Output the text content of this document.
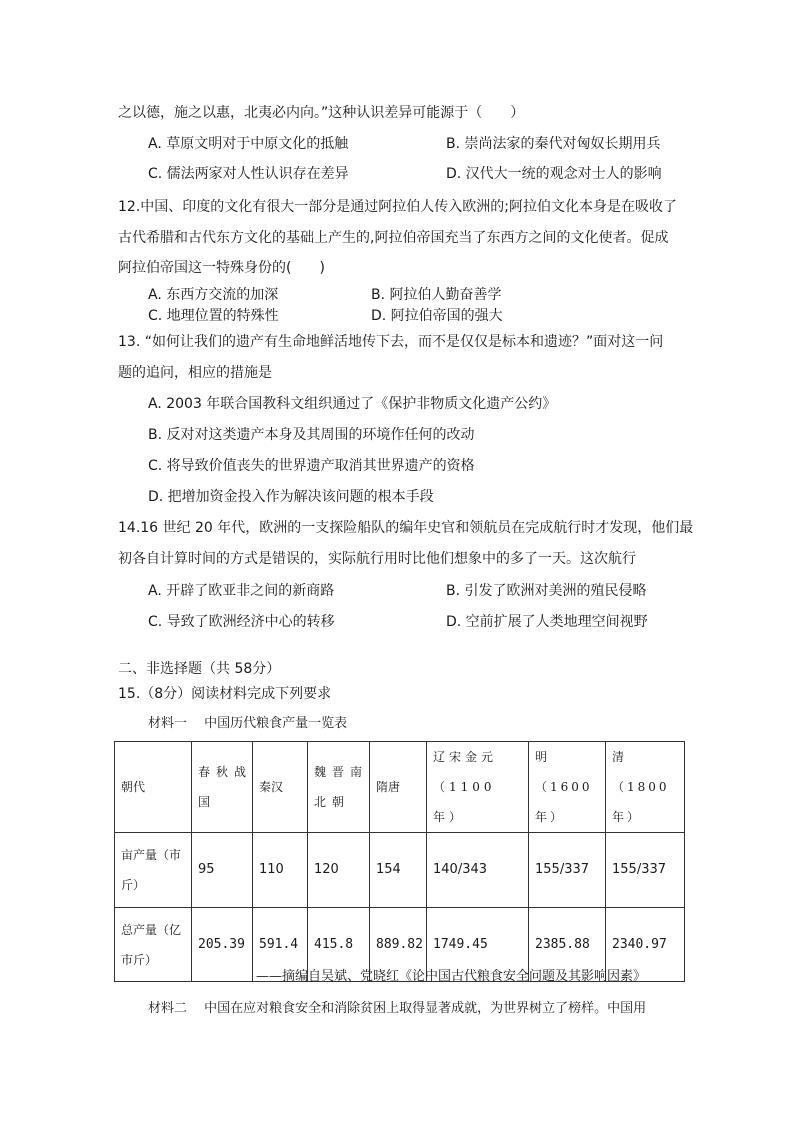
之以德，施之以惠，北夷必内向。”这种认识差异可能源于（　　）
A. 草原文明对于中原文化的抵触	B. 崇尚法家的秦代对匈奴长期用兵
C. 儒法两家对人性认识存在差异	D. 汉代大一统的观念对士人的影响
12.中国、印度的文化有很大一部分是通过阿拉伯人传入欧洲的;阿拉伯文化本身是在吸收了
古代希腊和古代东方文化的基础上产生的,阿拉伯帝国充当了东西方之间的文化使者。促成
阿拉伯帝国这一特殊身份的(　　)
A. 东西方交流的加深	B. 阿拉伯人勤奋善学
C. 地理位置的特殊性	D. 阿拉伯帝国的强大
13. “如何让我们的遗产有生命地鲜活地传下去，而不是仅仅是标本和遗迹？”面对这一问
题的追问，相应的措施是
A. 2003 年联合国教科文组织通过了《保护非物质文化遗产公约》
B. 反对对这类遗产本身及其周围的环境作任何的改动
C. 将导致价值丧失的世界遗产取消其世界遗产的资格
D. 把增加资金投入作为解决该问题的根本手段
14.16 世纪 20 年代，欧洲的一支探险船队的编年史官和领航员在完成航行时才发现，他们最
初各自计算时间的方式是错误的，实际航行用时比他们想象中的多了一天。这次航行
A. 开辟了欧亚非之间的新商路	B. 引发了欧洲对美洲的殖民侵略
C. 导致了欧洲经济中心的转移	D. 空前扩展了人类地理空间视野
二、非选择题（共 58分）
15.（8分）阅读材料完成下列要求
材料一　 中国历代粮食产量一览表
朝代	春秋战国	秦汉	魏晋南北朝	隋唐	辽宋金元（1100 年）	明（1600 年）	清（1800 年）
亩产量（市斤）	95	110	120	154	140/343	155/337	155/337
总产量（亿市斤）	205.39	591.4	415.8	889.82	1749.45	2385.88	2340.97
——摘编自吴斌、党晓红《论中国古代粮食安全问题及其影响因素》
材料二　 中国在应对粮食安全和消除贫困上取得显著成就，为世界树立了榜样。中国用
